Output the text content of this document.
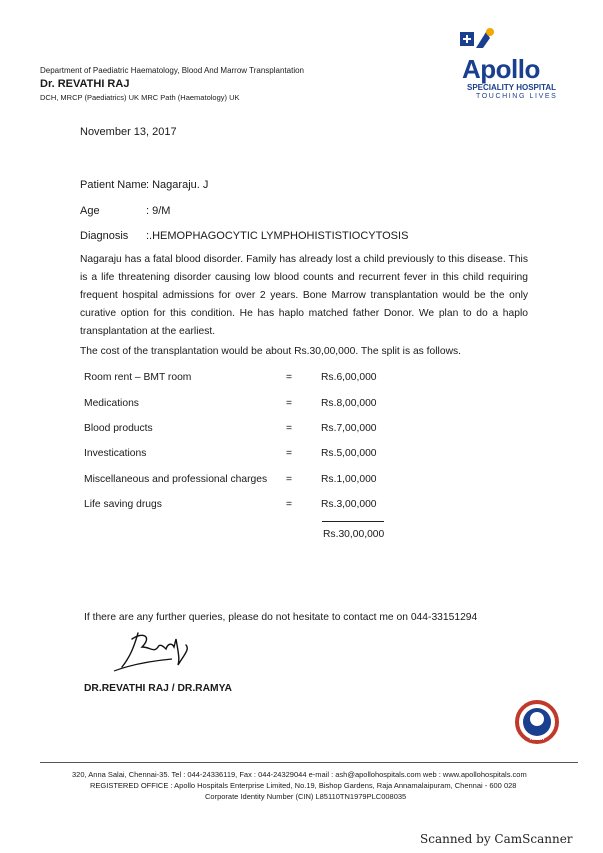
Department of Paediatric Haematology, Blood And Marrow Transplantation
Dr. REVATHI RAJ
DCH, MRCP (Paediatrics) UK MRC Path (Haematology) UK
Apollo
SPECIALITY HOSPITAL
TOUCHING LIVES
November 13, 2017
Patient Name : Nagaraju. J
Age	: 9/M
Diagnosis :.HEMOPHAGOCYTIC LYMPHOHISTISTIOCYTOSIS
Nagaraju has a fatal blood disorder. Family has already lost a child previously to this disease. This is a life threatening disorder causing low blood counts and recurrent fever in this child requiring frequent hospital admissions for over 2 years. Bone Marrow transplantation would be the only curative option for this condition. He has haplo matched father Donor. We plan to do a haplo transplantation at the earliest.
The cost of the transplantation would be about Rs.30,00,000. The split is as follows.
Room rent – BMT room	=	Rs.6,00,000
Medications	=	Rs.8,00,000
Blood products	=	Rs.7,00,000
Investications	=	Rs.5,00,000
Miscellaneous and professional charges =	Rs.1,00,000
Life saving drugs	=	Rs.3,00,000
Rs.30,00,000
If there are any further queries, please do not hesitate to contact me on 044-33151294
DR.REVATHI RAJ / DR.RAMYA
NABH
320, Anna Salai, Chennai-35. Tel : 044-24336119, Fax : 044-24329044 e-mail : ash@apollohospitals.com web : www.apollohospitals.com
REGISTERED OFFICE : Apollo Hospitals Enterprise Limited, No.19, Bishop Gardens, Raja Annamalaipuram, Chennai - 600 028
Corporate Identity Number (CIN) L85110TN1979PLC008035
Scanned by CamScanner
